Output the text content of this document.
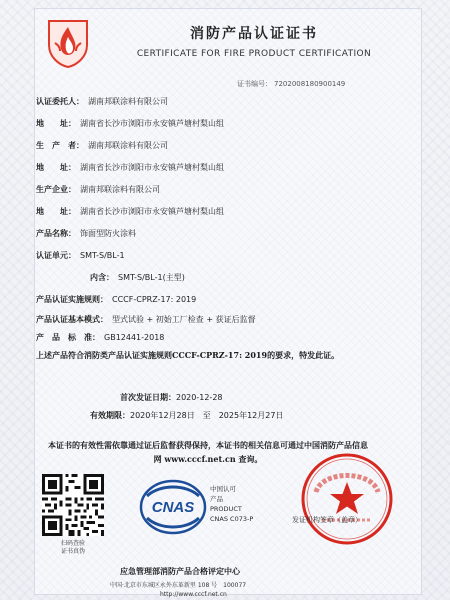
消防产品认证证书
CERTIFICATE FOR FIRE PRODUCT CERTIFICATION
证书编号： 7202008180900149
认证委托人： 湖南邦联涂料有限公司
地　　址： 湖南省长沙市浏阳市永安镇芦塘村梨山组
生　产　者： 湖南邦联涂料有限公司
地　　址： 湖南省长沙市浏阳市永安镇芦塘村梨山组
生产企业： 湖南邦联涂料有限公司
地　　址： 湖南省长沙市浏阳市永安镇芦塘村梨山组
产品名称： 饰面型防火涂料
认证单元： SMT-S/BL-1
内含： SMT-S/BL-1(主型)
产品认证实施规则： CCCF-CPRZ-17: 2019
产品认证基本模式： 型式试验 + 初始工厂检查 + 获证后监督
产　品　标　准： GB12441-2018
上述产品符合消防类产品认证实施规则CCCF-CPRZ-17: 2019的要求，特发此证。
首次发证日期：2020-12-28
有效期限：2020年12月28日　至　2025年12月27日
本证书的有效性需依靠通过证后监督获得保持，本证书的相关信息可通过中国消防产品信息网 www.cccf.net.cn 查询。
扫码查验
证书真伪
CNAS
中国认可
产品
PRODUCT
CNAS C073-P	发证机构签章（盖章）
应急管理部消防产品合格评定中心
中国·北京市东城区永外东革新里 108 号　100077
http://www.cccf.net.cn
